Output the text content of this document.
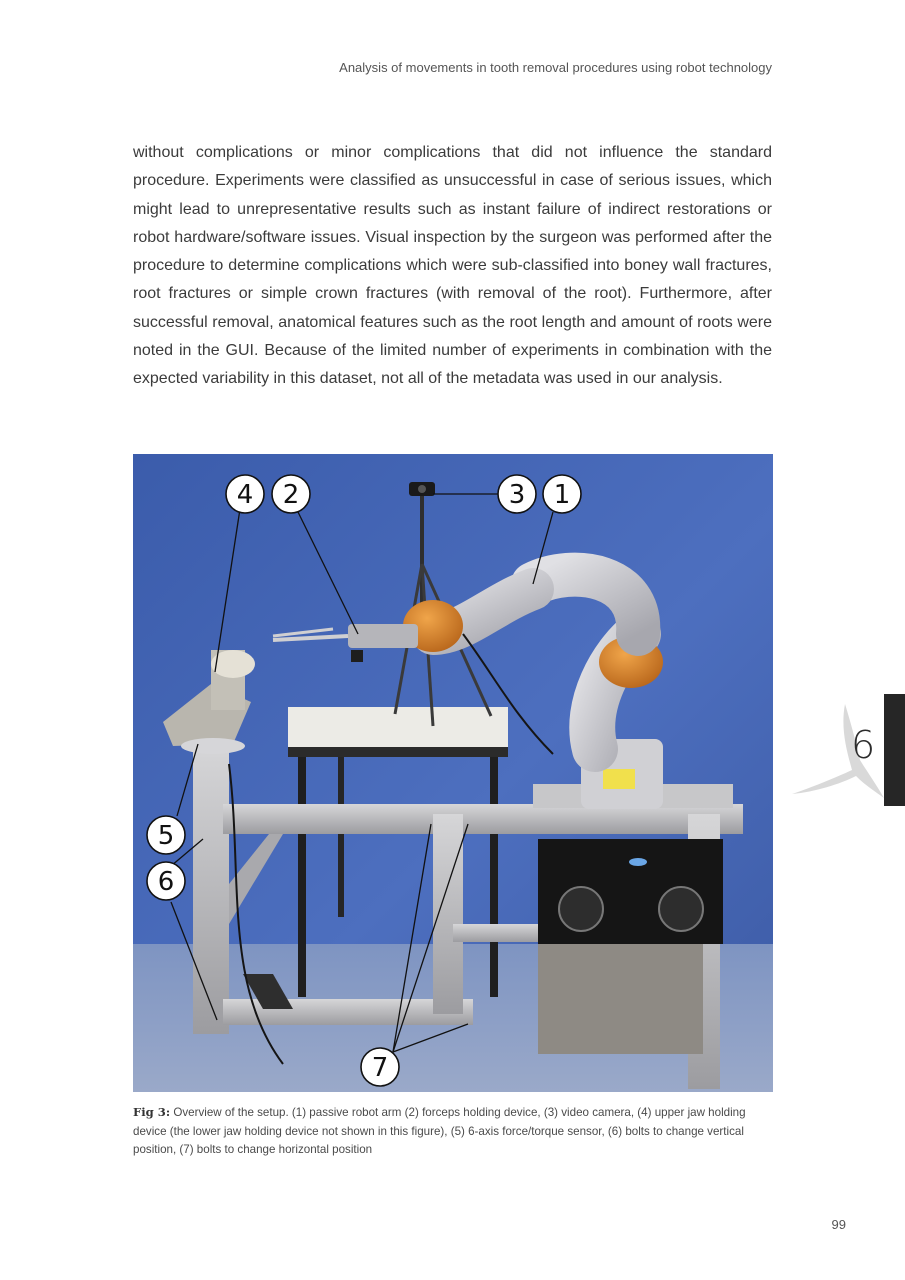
Analysis of movements in tooth removal procedures using robot technology

without complications or minor complications that did not influence the standard procedure. Experiments were classified as unsuccessful in case of serious issues, which might lead to unrepresentative results such as instant failure of indirect restorations or robot hardware/software issues. Visual inspection by the surgeon was performed after the procedure to determine complications which were sub-classified into boney wall fractures, root fractures or simple crown fractures (with removal of the root). Furthermore, after successful removal, anatomical features such as the root length and amount of roots were noted in the GUI. Because of the limited number of experiments in combination with the expected variability in this dataset, not all of the metadata was used in our analysis.

4 2	3 1
5
6
7

Fig 3: Overview of the setup. (1) passive robot arm (2) forceps holding device, (3) video camera, (4) upper jaw holding device (the lower jaw holding device not shown in this figure), (5) 6-axis force/torque sensor, (6) bolts to change vertical position, (7) bolts to change horizontal position

6
99
